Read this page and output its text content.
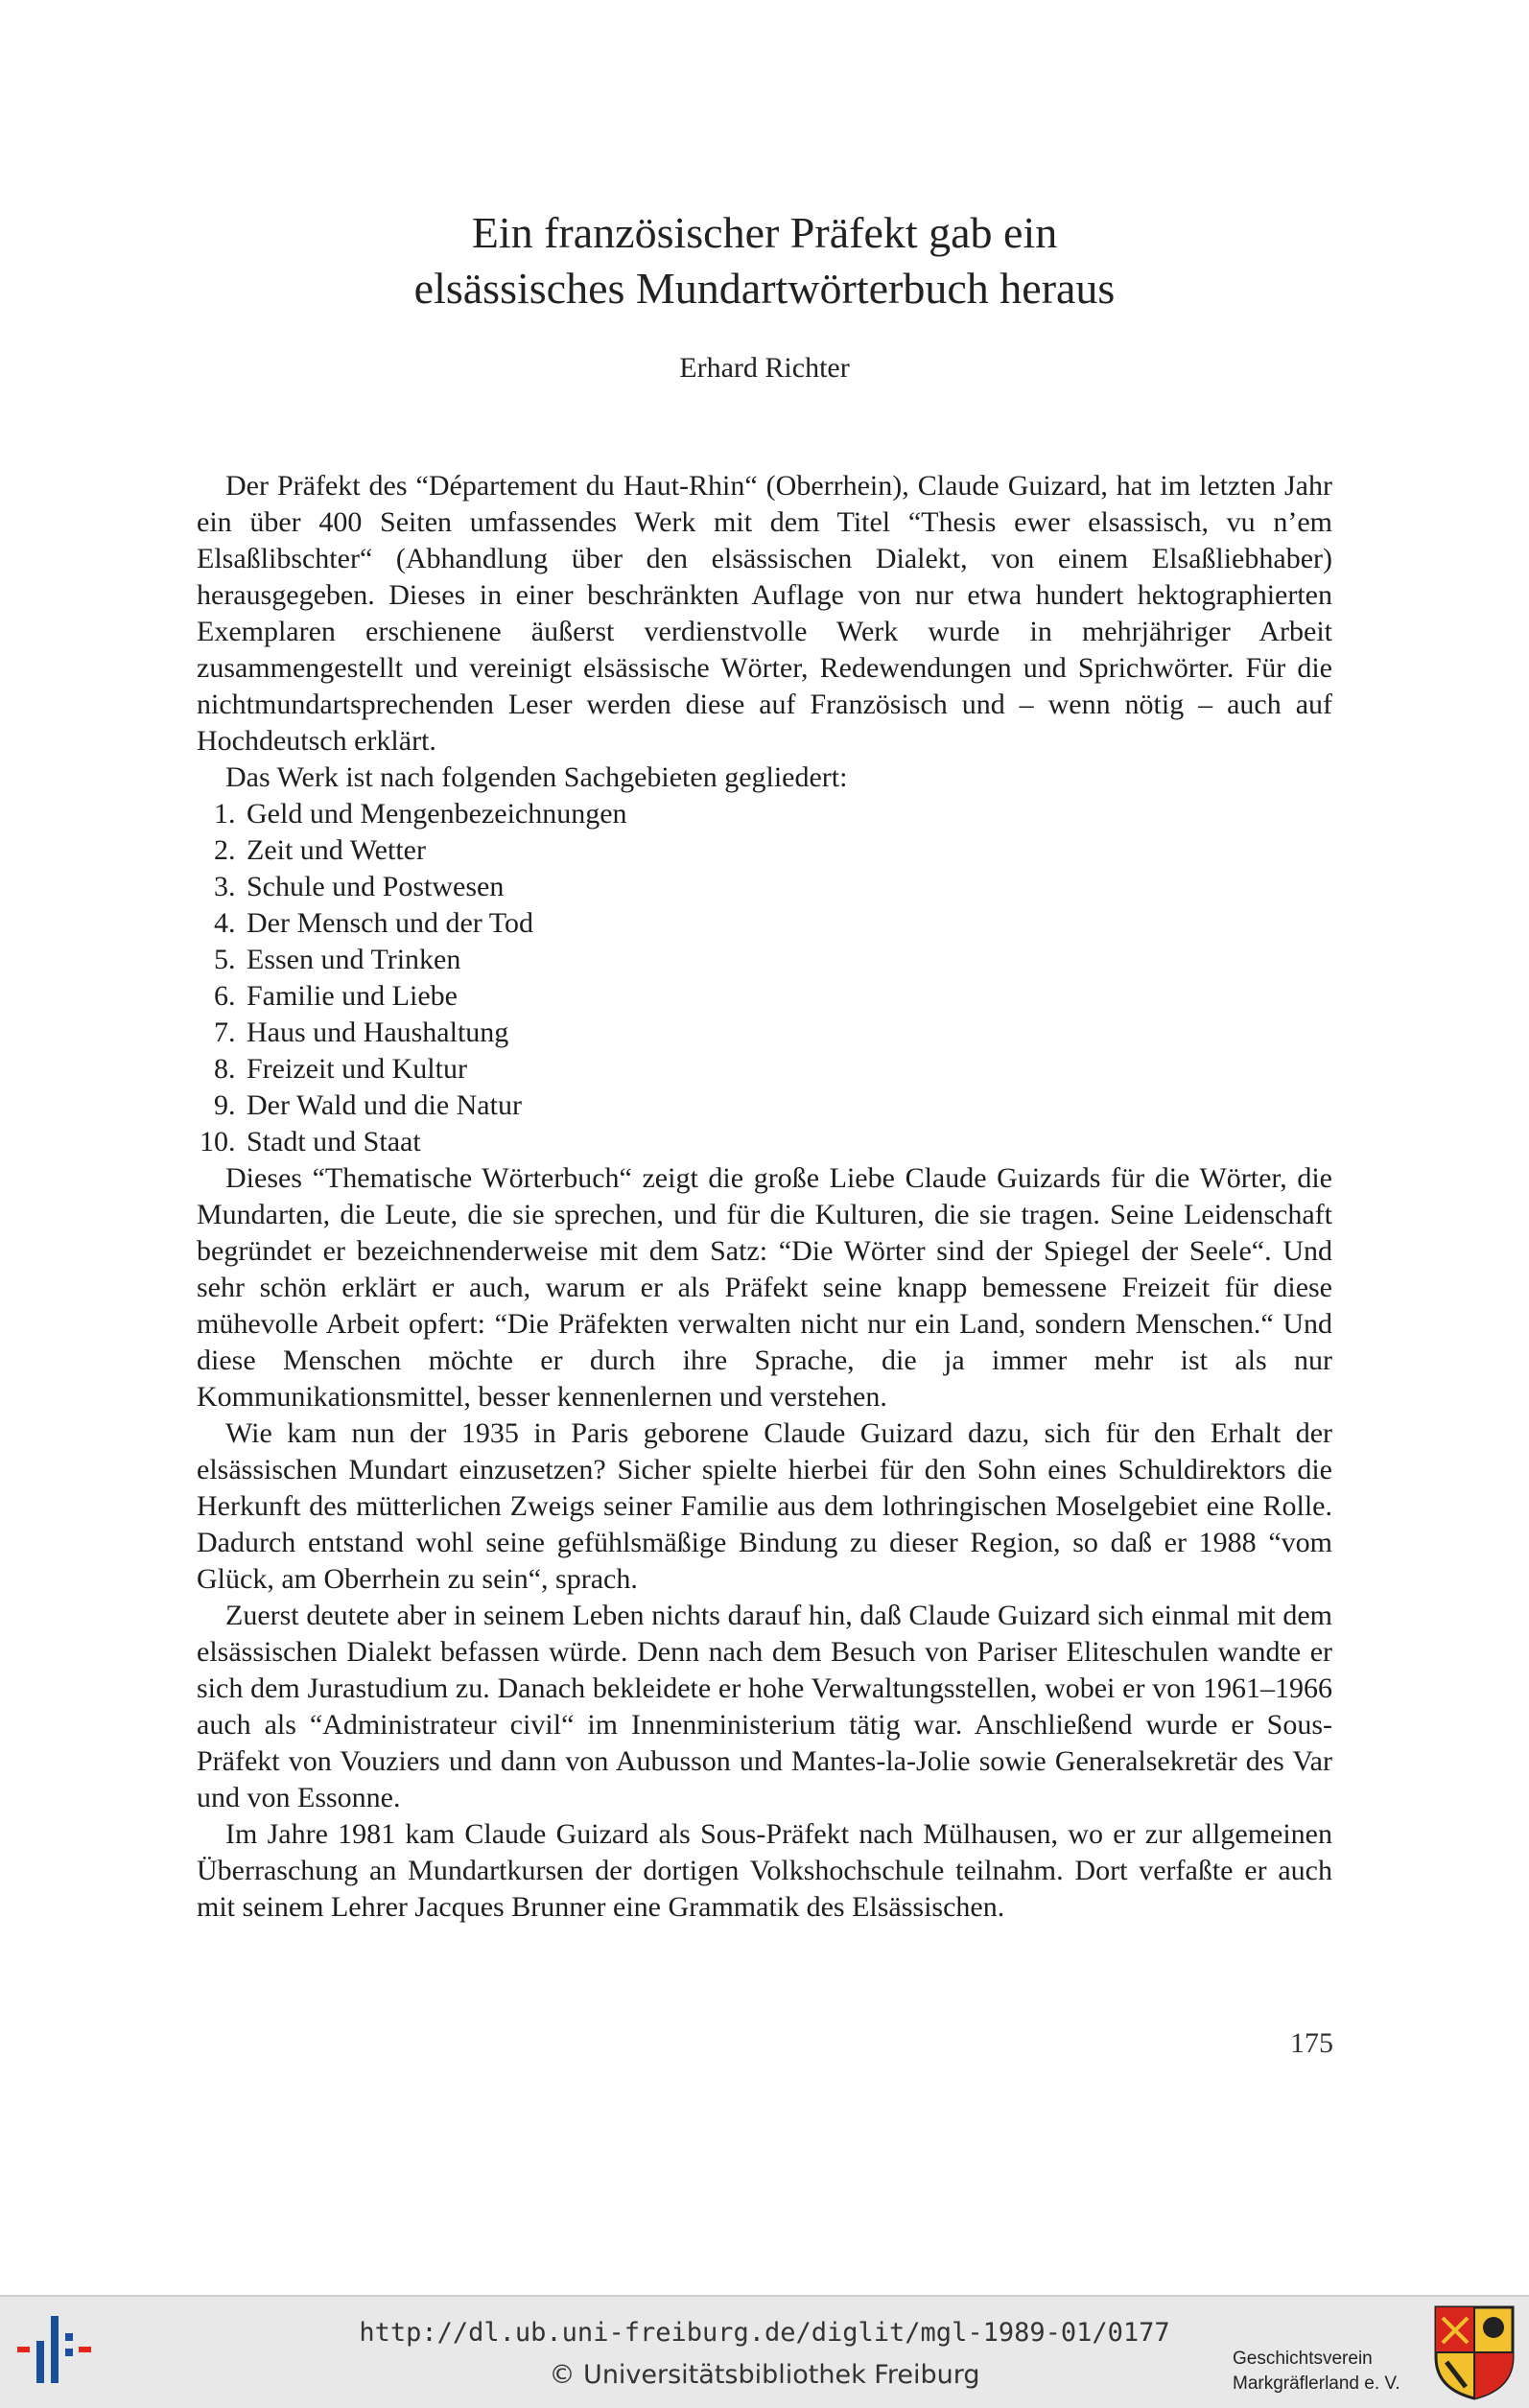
Ein französischer Präfekt gab ein
elsässisches Mundartwörterbuch heraus
Erhard Richter

Der Präfekt des “Département du Haut-Rhin“ (Oberrhein), Claude Guizard, hat im letzten Jahr ein über 400 Seiten umfassendes Werk mit dem Titel “Thesis ewer elsassisch, vu n’em Elsaßlibschter“ (Abhandlung über den elsässischen Dialekt, von einem Elsaßliebhaber) herausgegeben. Dieses in einer beschränkten Auflage von nur etwa hundert hektographierten Exemplaren erschienene äußerst verdienstvolle Werk wurde in mehrjähriger Arbeit zusammengestellt und vereinigt elsässische Wörter, Redewendungen und Sprichwörter. Für die nichtmundartsprechenden Leser werden diese auf Französisch und – wenn nötig – auch auf Hochdeutsch erklärt.

Das Werk ist nach folgenden Sachgebieten gegliedert:

1. Geld und Mengenbezeichnungen
2. Zeit und Wetter
3. Schule und Postwesen
4. Der Mensch und der Tod
5. Essen und Trinken
6. Familie und Liebe
7. Haus und Haushaltung
8. Freizeit und Kultur
9. Der Wald und die Natur
10. Stadt und Staat

Dieses “Thematische Wörterbuch“ zeigt die große Liebe Claude Guizards für die Wörter, die Mundarten, die Leute, die sie sprechen, und für die Kulturen, die sie tragen. Seine Leidenschaft begründet er bezeichnenderweise mit dem Satz: “Die Wörter sind der Spiegel der Seele“. Und sehr schön erklärt er auch, warum er als Präfekt seine knapp bemessene Freizeit für diese mühevolle Arbeit opfert: “Die Präfekten verwalten nicht nur ein Land, sondern Menschen.“ Und diese Menschen möchte er durch ihre Sprache, die ja immer mehr ist als nur Kommunikationsmittel, besser kennenlernen und verstehen.

Wie kam nun der 1935 in Paris geborene Claude Guizard dazu, sich für den Erhalt der elsässischen Mundart einzusetzen? Sicher spielte hierbei für den Sohn eines Schuldirektors die Herkunft des mütterlichen Zweigs seiner Familie aus dem lothringischen Moselgebiet eine Rolle. Dadurch entstand wohl seine gefühlsmäßige Bindung zu dieser Region, so daß er 1988 “vom Glück, am Oberrhein zu sein“, sprach.

Zuerst deutete aber in seinem Leben nichts darauf hin, daß Claude Guizard sich einmal mit dem elsässischen Dialekt befassen würde. Denn nach dem Besuch von Pariser Eliteschulen wandte er sich dem Jurastudium zu. Danach bekleidete er hohe Verwaltungsstellen, wobei er von 1961–1966 auch als “Administrateur civil“ im Innenministerium tätig war. Anschließend wurde er Sous-Präfekt von Vouziers und dann von Aubusson und Mantes-la-Jolie sowie Generalsekretär des Var und von Essonne.

Im Jahre 1981 kam Claude Guizard als Sous-Präfekt nach Mülhausen, wo er zur allgemeinen Überraschung an Mundartkursen der dortigen Volkshochschule teilnahm. Dort verfaßte er auch mit seinem Lehrer Jacques Brunner eine Grammatik des Elsässischen.

175
http://dl.ub.uni-freiburg.de/diglit/mgl-1989-01/0177
© Universitätsbibliothek Freiburg
Geschichtsverein
Markgräflerland e. V.
